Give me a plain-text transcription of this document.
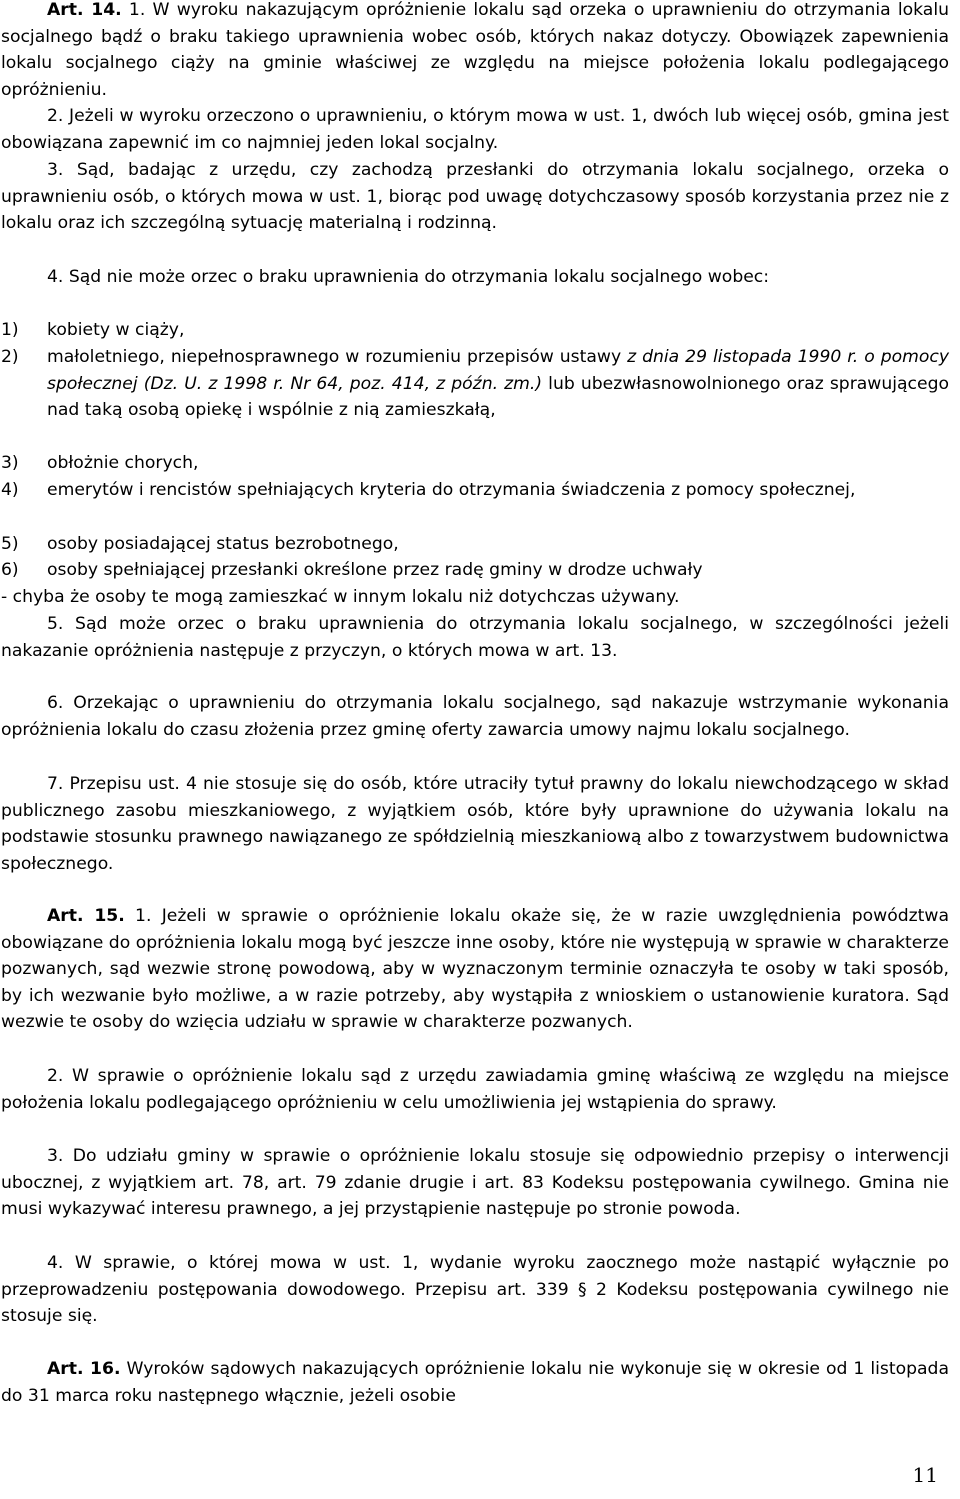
Art. 14. 1. W wyroku nakazującym opróżnienie lokalu sąd orzeka o uprawnieniu do otrzymania lokalu socjalnego bądź o braku takiego uprawnienia wobec osób, których nakaz dotyczy. Obowiązek zapewnienia lokalu socjalnego ciąży na gminie właściwej ze względu na miejsce położenia lokalu podlegającego opróżnieniu.

2. Jeżeli w wyroku orzeczono o uprawnieniu, o którym mowa w ust. 1, dwóch lub więcej osób, gmina jest obowiązana zapewnić im co najmniej jeden lokal socjalny.

3. Sąd, badając z urzędu, czy zachodzą przesłanki do otrzymania lokalu socjalnego, orzeka o uprawnieniu osób, o których mowa w ust. 1, biorąc pod uwagę dotychczasowy sposób korzystania przez nie z lokalu oraz ich szczególną sytuację materialną i rodzinną.

4. Sąd nie może orzec o braku uprawnienia do otrzymania lokalu socjalnego wobec:

1) kobiety w ciąży,

2) małoletniego, niepełnosprawnego w rozumieniu przepisów ustawy z dnia 29 listopada 1990 r. o pomocy społecznej (Dz. U. z 1998 r. Nr 64, poz. 414, z późn. zm.) lub ubezwłasnowolnionego oraz sprawującego nad taką osobą opiekę i wspólnie z nią zamieszkałą,

3) obłożnie chorych,

4) emerytów i rencistów spełniających kryteria do otrzymania świadczenia z pomocy społecznej,

5) osoby posiadającej status bezrobotnego,

6) osoby spełniającej przesłanki określone przez radę gminy w drodze uchwały

- chyba że osoby te mogą zamieszkać w innym lokalu niż dotychczas używany.

5. Sąd może orzec o braku uprawnienia do otrzymania lokalu socjalnego, w szczególności jeżeli nakazanie opróżnienia następuje z przyczyn, o których mowa w art. 13.

6. Orzekając o uprawnieniu do otrzymania lokalu socjalnego, sąd nakazuje wstrzymanie wykonania opróżnienia lokalu do czasu złożenia przez gminę oferty zawarcia umowy najmu lokalu socjalnego.

7. Przepisu ust. 4 nie stosuje się do osób, które utraciły tytuł prawny do lokalu niewchodzącego w skład publicznego zasobu mieszkaniowego, z wyjątkiem osób, które były uprawnione do używania lokalu na podstawie stosunku prawnego nawiązanego ze spółdzielnią mieszkaniową albo z towarzystwem budownictwa społecznego.

Art. 15. 1. Jeżeli w sprawie o opróżnienie lokalu okaże się, że w razie uwzględnienia powództwa obowiązane do opróżnienia lokalu mogą być jeszcze inne osoby, które nie występują w sprawie w charakterze pozwanych, sąd wezwie stronę powodową, aby w wyznaczonym terminie oznaczyła te osoby w taki sposób, by ich wezwanie było możliwe, a w razie potrzeby, aby wystąpiła z wnioskiem o ustanowienie kuratora. Sąd wezwie te osoby do wzięcia udziału w sprawie w charakterze pozwanych.

2. W sprawie o opróżnienie lokalu sąd z urzędu zawiadamia gminę właściwą ze względu na miejsce położenia lokalu podlegającego opróżnieniu w celu umożliwienia jej wstąpienia do sprawy.

3. Do udziału gminy w sprawie o opróżnienie lokalu stosuje się odpowiednio przepisy o interwencji ubocznej, z wyjątkiem art. 78, art. 79 zdanie drugie i art. 83 Kodeksu postępowania cywilnego. Gmina nie musi wykazywać interesu prawnego, a jej przystąpienie następuje po stronie powoda.

4. W sprawie, o której mowa w ust. 1, wydanie wyroku zaocznego może nastąpić wyłącznie po przeprowadzeniu postępowania dowodowego. Przepisu art. 339 § 2 Kodeksu postępowania cywilnego nie stosuje się.

Art. 16. Wyroków sądowych nakazujących opróżnienie lokalu nie wykonuje się w okresie od 1 listopada do 31 marca roku następnego włącznie, jeżeli osobie

11
